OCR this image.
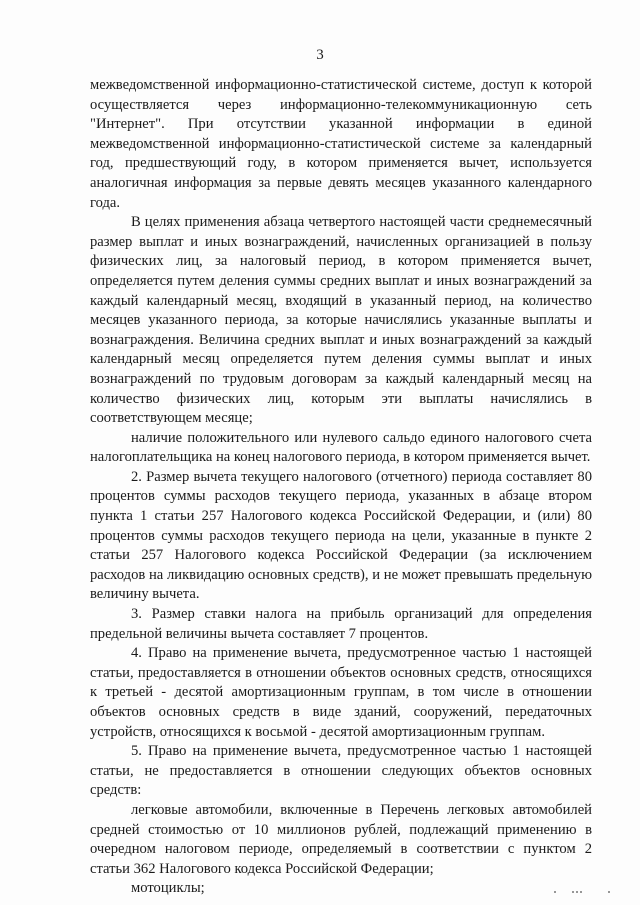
3

межведомственной информационно-статистической системе, доступ к которой осуществляется через информационно-телекоммуникационную сеть "Интернет". При отсутствии указанной информации в единой межведомственной информационно-статистической системе за календарный год, предшествующий году, в котором применяется вычет, используется аналогичная информация за первые девять месяцев указанного календарного года.

В целях применения абзаца четвертого настоящей части среднемесячный размер выплат и иных вознаграждений, начисленных организацией в пользу физических лиц, за налоговый период, в котором применяется вычет, определяется путем деления суммы средних выплат и иных вознаграждений за каждый календарный месяц, входящий в указанный период, на количество месяцев указанного периода, за которые начислялись указанные выплаты и вознаграждения. Величина средних выплат и иных вознаграждений за каждый календарный месяц определяется путем деления суммы выплат и иных вознаграждений по трудовым договорам за каждый календарный месяц на количество физических лиц, которым эти выплаты начислялись в соответствующем месяце;

наличие положительного или нулевого сальдо единого налогового счета налогоплательщика на конец налогового периода, в котором применяется вычет.

2. Размер вычета текущего налогового (отчетного) периода составляет 80 процентов суммы расходов текущего периода, указанных в абзаце втором пункта 1 статьи 257 Налогового кодекса Российской Федерации, и (или) 80 процентов суммы расходов текущего периода на цели, указанные в пункте 2 статьи 257 Налогового кодекса Российской Федерации (за исключением расходов на ликвидацию основных средств), и не может превышать предельную величину вычета.

3. Размер ставки налога на прибыль организаций для определения предельной величины вычета составляет 7 процентов.

4. Право на применение вычета, предусмотренное частью 1 настоящей статьи, предоставляется в отношении объектов основных средств, относящихся к третьей - десятой амортизационным группам, в том числе в отношении объектов основных средств в виде зданий, сооружений, передаточных устройств, относящихся к восьмой - десятой амортизационным группам.

5. Право на применение вычета, предусмотренное частью 1 настоящей статьи, не предоставляется в отношении следующих объектов основных средств:

легковые автомобили, включенные в Перечень легковых автомобилей средней стоимостью от 10 миллионов рублей, подлежащий применению в очередном налоговом периоде, определяемый в соответствии с пунктом 2 статьи 362 Налогового кодекса Российской Федерации;

мотоциклы;
